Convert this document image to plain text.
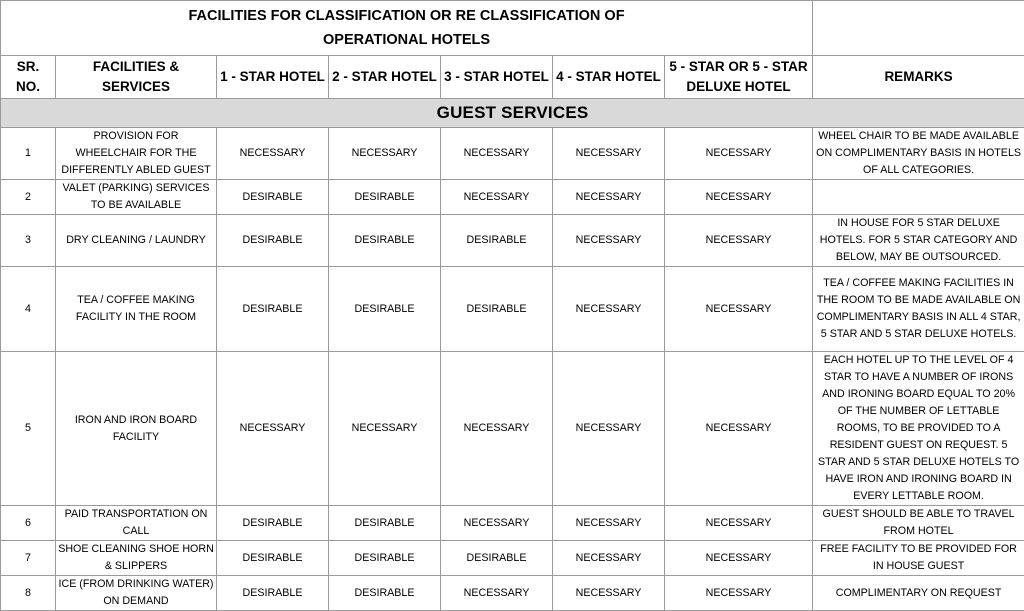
FACILITIES FOR CLASSIFICATION OR RE CLASSIFICATION OF
OPERATIONAL HOTELS							

SR. NO.	FACILITIES & SERVICES	1 - STAR HOTEL	2 - STAR HOTEL	3 - STAR HOTEL	4 - STAR HOTEL	5 - STAR OR 5 - STAR DELUXE HOTEL	REMARKS
GUEST SERVICES							
1	PROVISION FOR WHEELCHAIR FOR THE DIFFERENTLY ABLED GUEST	NECESSARY	NECESSARY	NECESSARY	NECESSARY	NECESSARY	WHEEL CHAIR TO BE MADE AVAILABLE ON COMPLIMENTARY BASIS IN HOTELS OF ALL CATEGORIES.
2	VALET (PARKING) SERVICES TO BE AVAILABLE	DESIRABLE	DESIRABLE	NECESSARY	NECESSARY	NECESSARY	
3	DRY CLEANING / LAUNDRY	DESIRABLE	DESIRABLE	DESIRABLE	NECESSARY	NECESSARY	IN HOUSE FOR 5 STAR DELUXE HOTELS. FOR 5 STAR CATEGORY AND BELOW, MAY BE OUTSOURCED.
4	TEA / COFFEE MAKING FACILITY IN THE ROOM	DESIRABLE	DESIRABLE	DESIRABLE	NECESSARY	NECESSARY	TEA / COFFEE MAKING FACILITIES IN THE ROOM TO BE MADE AVAILABLE ON COMPLIMENTARY BASIS IN ALL 4 STAR, 5 STAR AND 5 STAR DELUXE HOTELS.
5	IRON AND IRON BOARD FACILITY	NECESSARY	NECESSARY	NECESSARY	NECESSARY	NECESSARY	EACH HOTEL UP TO THE LEVEL OF 4 STAR TO HAVE A NUMBER OF IRONS AND IRONING BOARD EQUAL TO 20% OF THE NUMBER OF LETTABLE ROOMS, TO BE PROVIDED TO A RESIDENT GUEST ON REQUEST. 5 STAR AND 5 STAR DELUXE HOTELS TO HAVE IRON AND IRONING BOARD IN EVERY LETTABLE ROOM.
6	PAID TRANSPORTATION ON CALL	DESIRABLE	DESIRABLE	NECESSARY	NECESSARY	NECESSARY	GUEST SHOULD BE ABLE TO TRAVEL FROM HOTEL
7	SHOE CLEANING SHOE HORN & SLIPPERS	DESIRABLE	DESIRABLE	DESIRABLE	NECESSARY	NECESSARY	FREE FACILITY TO BE PROVIDED FOR IN HOUSE GUEST
8	ICE (FROM DRINKING WATER) ON DEMAND	DESIRABLE	DESIRABLE	NECESSARY	NECESSARY	NECESSARY	COMPLIMENTARY ON REQUEST
